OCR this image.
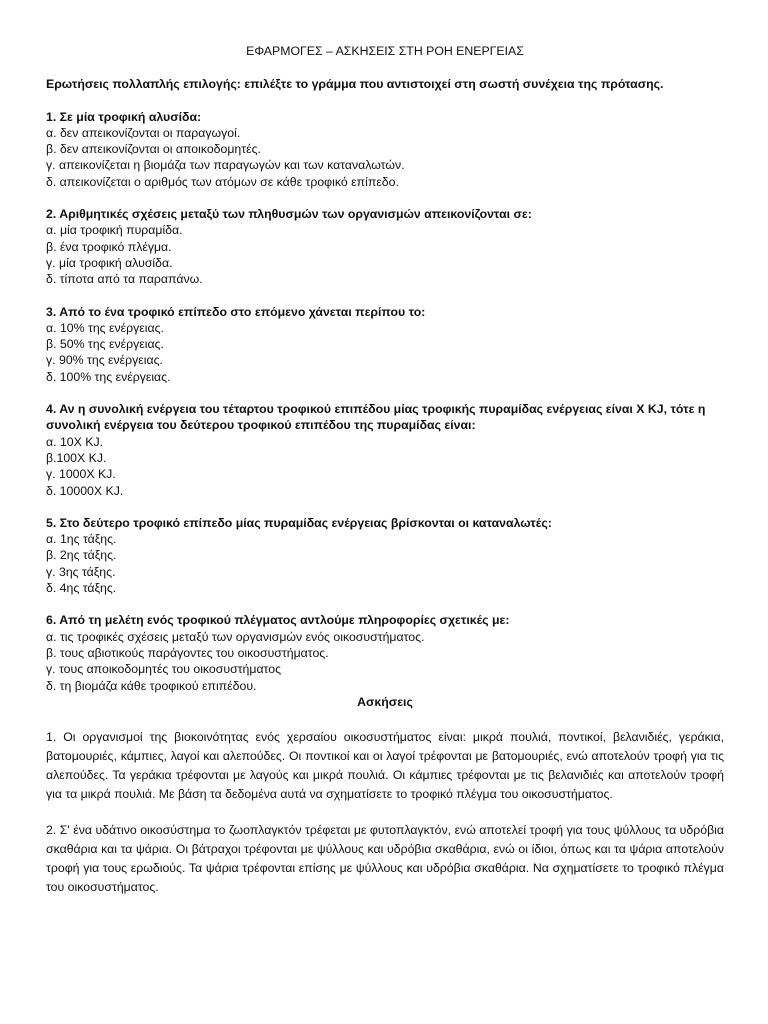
ΕΦΑΡΜΟΓΕΣ – ΑΣΚΗΣΕΙΣ ΣΤΗ ΡΟΗ ΕΝΕΡΓΕΙΑΣ

Ερωτήσεις πολλαπλής επιλογής: επιλέξτε το γράμμα που αντιστοιχεί στη σωστή συνέχεια της πρότασης.

1. Σε μία τροφική αλυσίδα:

α. δεν απεικονίζονται οι παραγωγοί.

β. δεν απεικονίζονται οι αποικοδομητές.

γ. απεικονίζεται η βιομάζα των παραγωγών και των καταναλωτών.

δ. απεικονίζεται ο αριθμός των ατόμων σε κάθε τροφικό επίπεδο.

2. Αριθμητικές σχέσεις μεταξύ των πληθυσμών των οργανισμών απεικονίζονται σε:

α. μία τροφική πυραμίδα.

β. ένα τροφικό πλέγμα.

γ. μία τροφική αλυσίδα.

δ. τίποτα από τα παραπάνω.

3. Από το ένα τροφικό επίπεδο στο επόμενο χάνεται περίπου το:

α. 10% της ενέργειας.

β. 50% της ενέργειας.

γ. 90% της ενέργειας.

δ. 100% της ενέργειας.

4. Αν η συνολική ενέργεια του τέταρτου τροφικού επιπέδου μίας τροφικής πυραμίδας ενέργειας είναι Χ KJ, τότε η συνολική ενέργεια του δεύτερου τροφικού επιπέδου της πυραμίδας είναι:

α. 10Χ KJ.

β.100Χ KJ.

γ. 1000Χ KJ.

δ. 10000Χ KJ.

5. Στο δεύτερο τροφικό επίπεδο μίας πυραμίδας ενέργειας βρίσκονται οι καταναλωτές:

α. 1ης τάξης.

β. 2ης τάξης.

γ. 3ης τάξης.

δ. 4ης τάξης.

6. Από τη μελέτη ενός τροφικού πλέγματος αντλούμε πληροφορίες σχετικές με:

α. τις τροφικές σχέσεις μεταξύ των οργανισμών ενός οικοσυστήματος.

β. τους αβιοτικούς παράγοντες του οικοσυστήματος.

γ. τους αποικοδομητές του οικοσυστήματος

δ. τη βιομάζα κάθε τροφικού επιπέδου.

Ασκήσεις

1. Οι οργανισμοί της βιοκοινότητας ενός χερσαίου οικοσυστήματος είναι: μικρά πουλιά, ποντικοί, βελανιδιές, γεράκια, βατομουριές, κάμπιες, λαγοί και αλεπούδες. Οι ποντικοί και οι λαγοί τρέφονται με βατομουριές, ενώ αποτελούν τροφή για τις αλεπούδες. Τα γεράκια τρέφονται με λαγούς και μικρά πουλιά. Οι κάμπιες τρέφονται με τις βελανιδιές και αποτελούν τροφή για τα μικρά πουλιά. Με βάση τα δεδομένα αυτά να σχηματίσετε το τροφικό πλέγμα του οικοσυστήματος.

2. Σ' ένα υδάτινο οικοσύστημα το ζωοπλαγκτόν τρέφεται με φυτοπλαγκτόν, ενώ αποτελεί τροφή για τους ψύλλους τα υδρόβια σκαθάρια και τα ψάρια. Οι βάτραχοι τρέφονται με ψύλλους και υδρόβια σκαθάρια, ενώ οι ίδιοι, όπως και τα ψάρια αποτελούν τροφή για τους ερωδιούς. Τα ψάρια τρέφονται επίσης με ψύλλους και υδρόβια σκαθάρια. Να σχηματίσετε το τροφικό πλέγμα του οικοσυστήματος.
